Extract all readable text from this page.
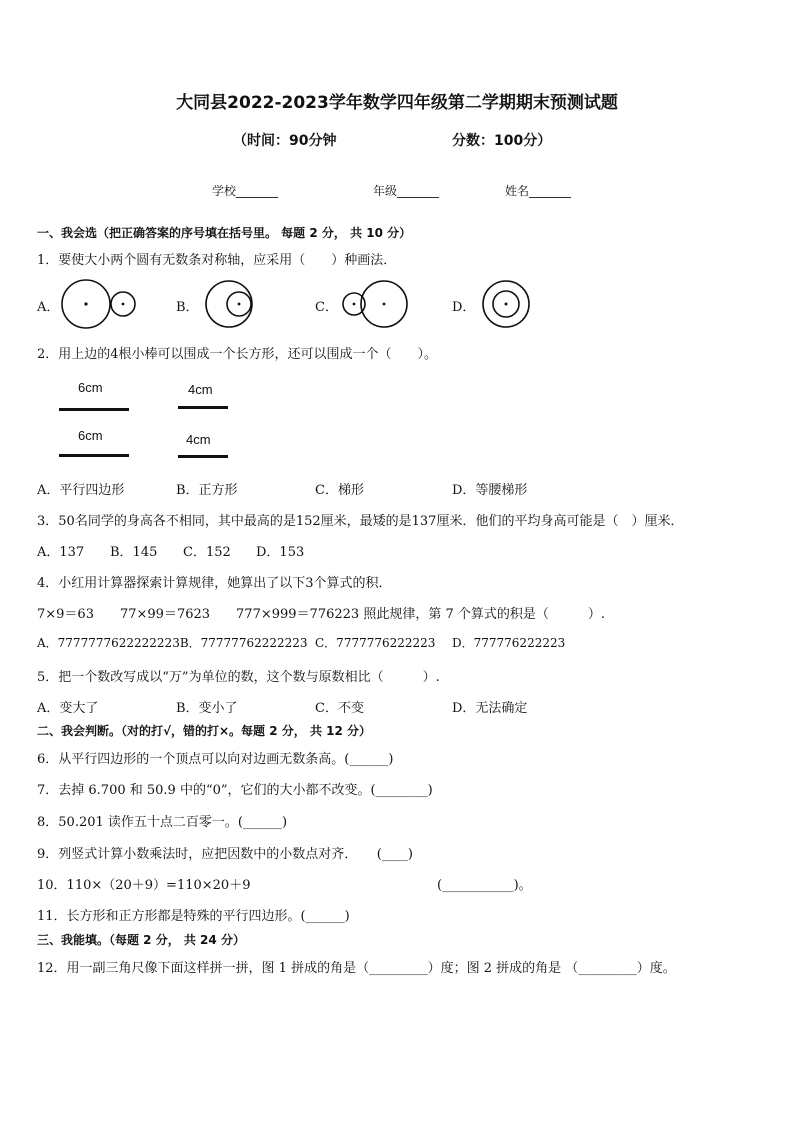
大同县2022-2023学年数学四年级第二学期期末预测试题
（时间：90分钟	分数：100分）
学校_______	年级_______	姓名_______
一、我会选（把正确答案的序号填在括号里。 每题 2 分， 共 10 分）
1．要使大小两个圆有无数条对称轴，应采用（　　）种画法．
A．	B．	C．	D．
2．用上边的4根小棒可以围成一个长方形，还可以围成一个（　　）。
6cm	4cm
6cm	4cm
A．平行四边形	B．正方形	C．梯形	D．等腰梯形
3．50名同学的身高各不相同，其中最高的是152厘米，最矮的是137厘米．他们的平均身高可能是（　）厘米．
A．137 B．145 C．152 D．153
4．小红用计算器探索计算规律，她算出了以下3个算式的积．
7×9＝63　　77×99＝7623　　777×999＝776223 照此规律，第 7 个算式的积是（　　　）.
A．7777777622222223B．77777762222223 C．7777776222223 D．777776222223
5．把一个数改写成以“万”为单位的数，这个数与原数相比（　　　）.
A．变大了	B．变小了	C．不变	D．无法确定
二、我会判断。（对的打√，错的打×。每题 2 分， 共 12 分）
6．从平行四边形的一个顶点可以向对边画无数条高。(______)
7．去掉 6.700 和 50.9 中的“0”，它们的大小都不改变。(________)
8．50.201 读作五十点二百零一。(______)
9．列竖式计算小数乘法时，应把因数中的小数点对齐．　　(____)
10．110×（20＋9）=110×20＋9	(___________)。
11．长方形和正方形都是特殊的平行四边形。(______)
三、我能填。（每题 2 分， 共 24 分）
12．用一副三角尺像下面这样拼一拼，图 1 拼成的角是（_________）度；图 2 拼成的角是 （_________）度。
